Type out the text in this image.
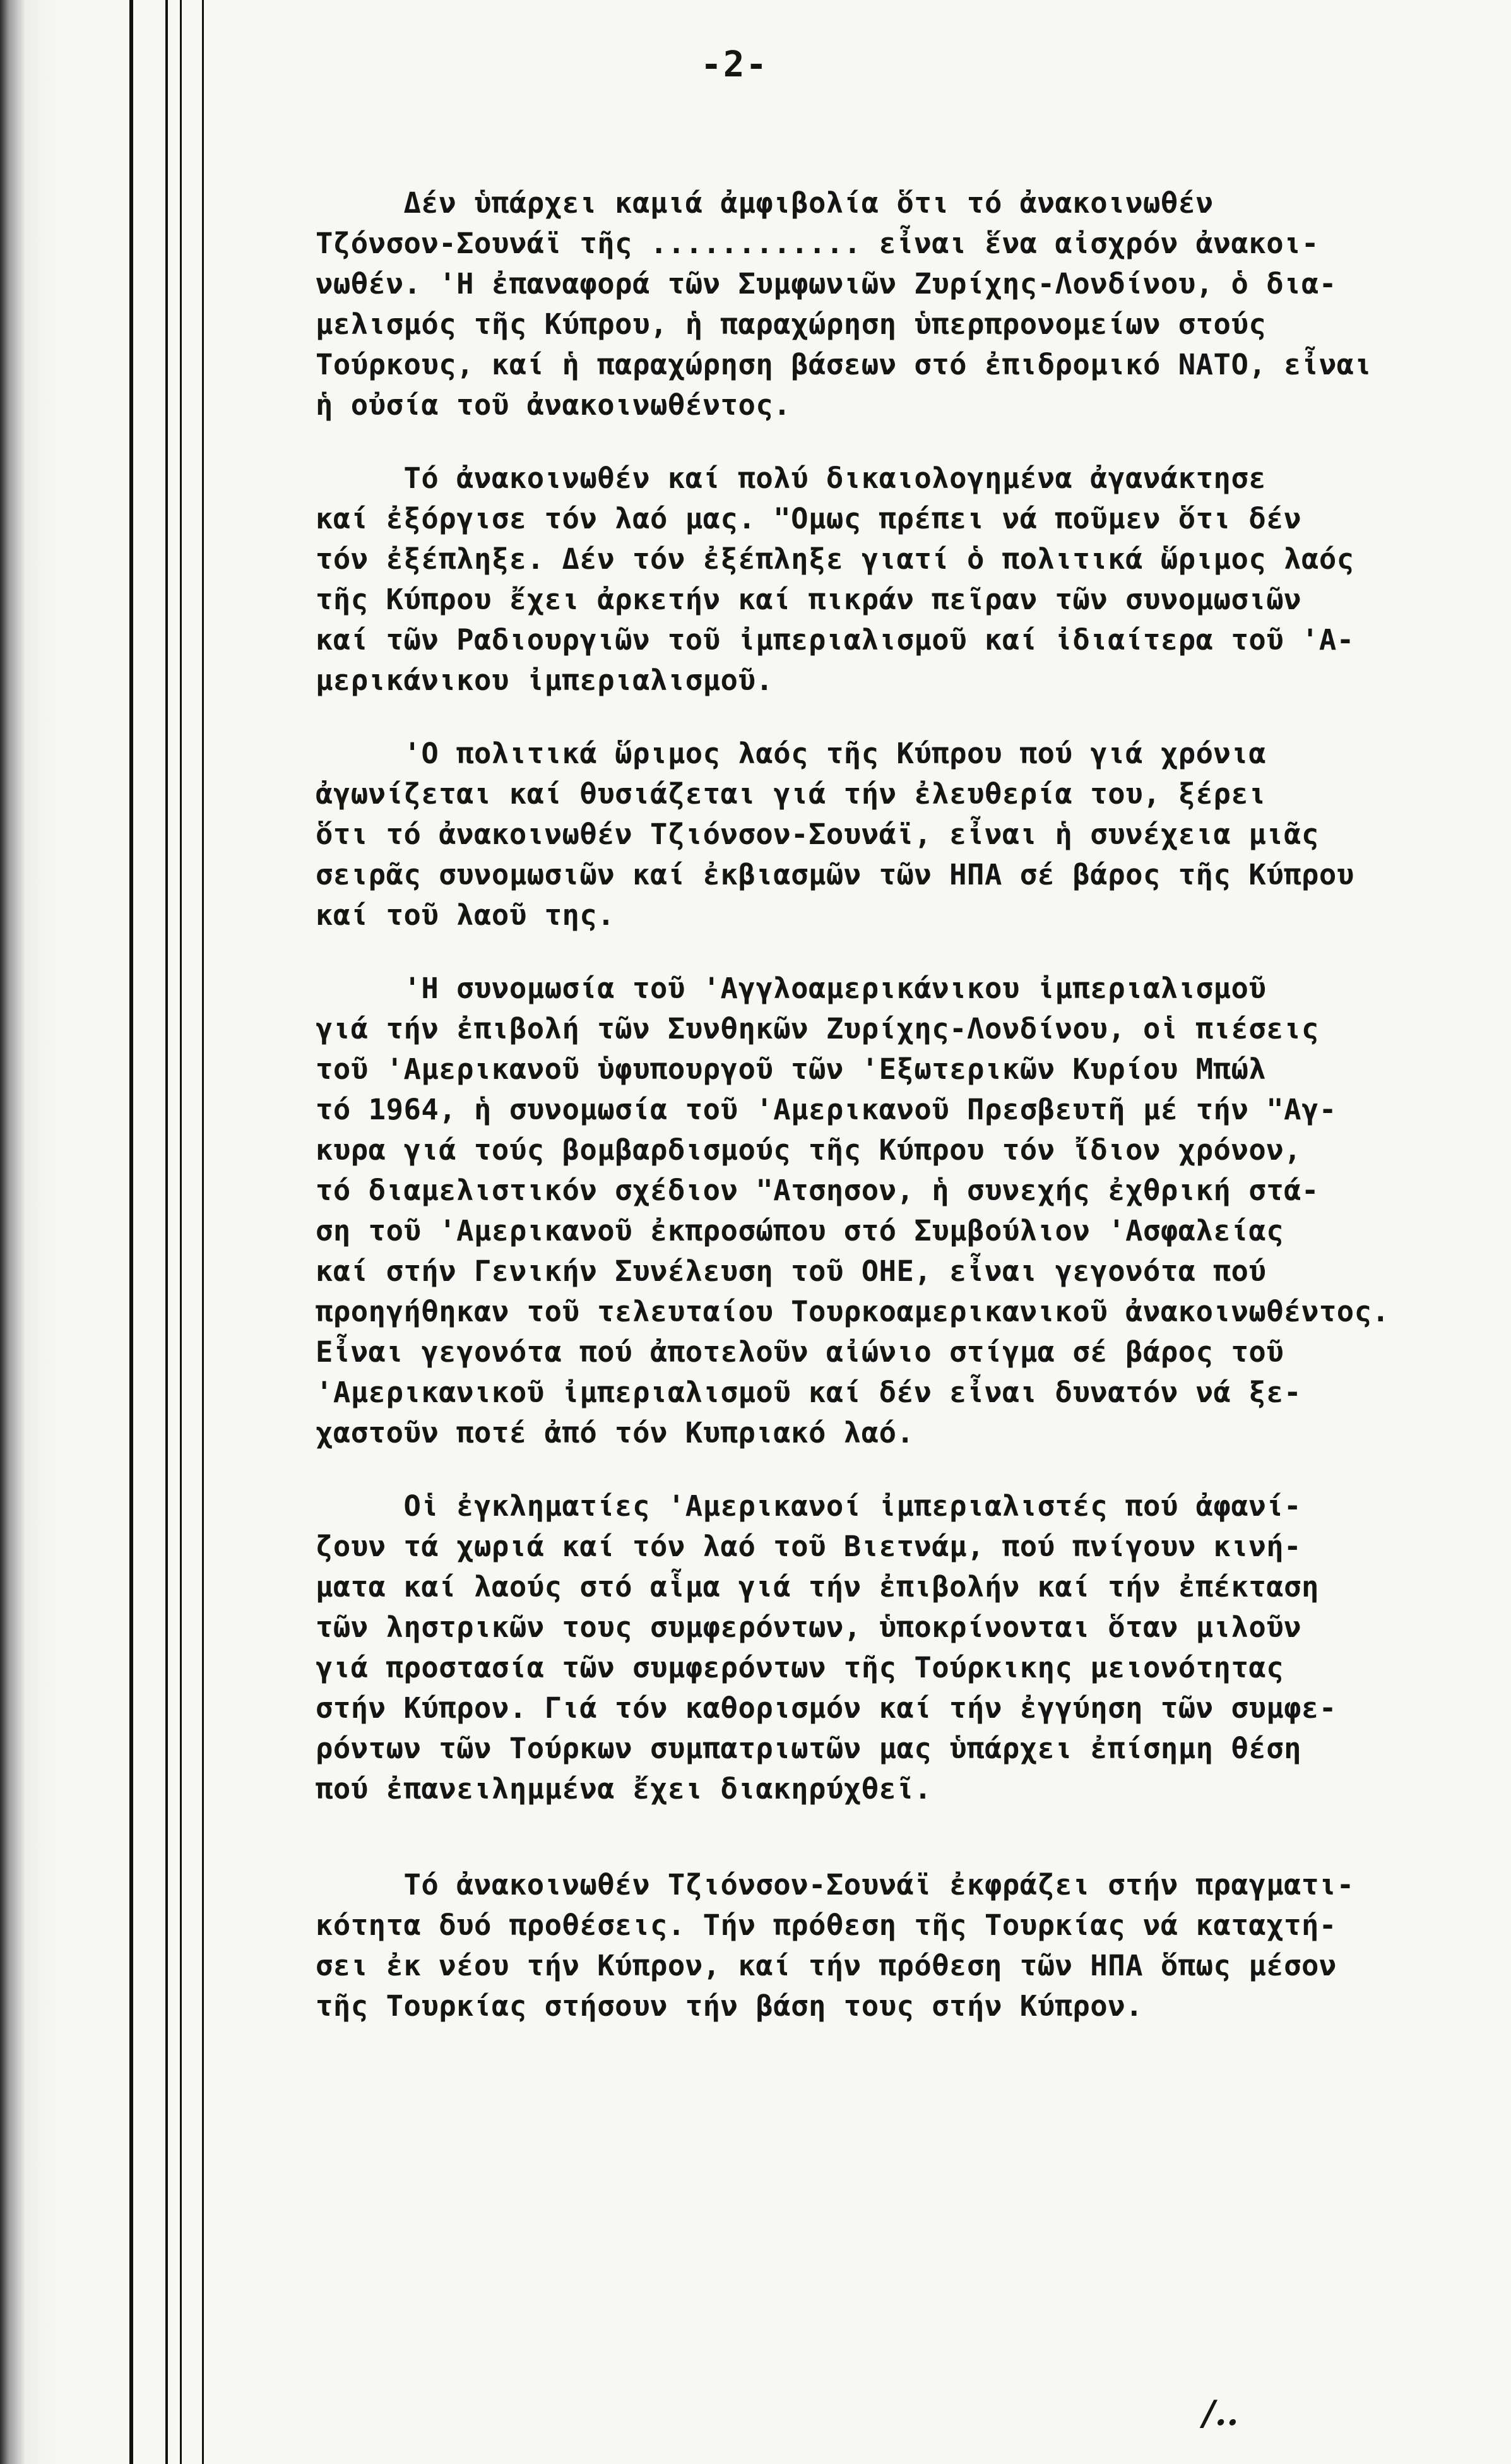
-2-
Δέν ὑπάρχει καμιά ἀμφιβολία ὅτι τό ἀνακοινωθέν
Τζόνσον-Σουνάϊ τῆς ............ εἶναι ἕνα αἰσχρόν ἀνακοι-
νωθέν. 'Η ἐπαναφορά τῶν Συμφωνιῶν Ζυρίχης-Λονδίνου, ὁ δια-
μελισμός τῆς Κύπρου, ἡ παραχώρηση ὑπερπρονομείων στούς
Τούρκους, καί ἡ παραχώρηση βάσεων στό ἐπιδρομικό ΝΑΤΟ, εἶναι
ἡ οὐσία τοῦ ἀνακοινωθέντος.
Τό ἀνακοινωθέν καί πολύ δικαιολογημένα ἀγανάκτησε
καί ἐξόργισε τόν λαό μας. "Ομως πρέπει νά ποῦμεν ὅτι δέν
τόν ἐξέπληξε. Δέν τόν ἐξέπληξε γιατί ὁ πολιτικά ὥριμος λαός
τῆς Κύπρου ἔχει ἀρκετήν καί πικράν πεῖραν τῶν συνομωσιῶν
καί τῶν Ραδιουργιῶν τοῦ ἰμπεριαλισμοῦ καί ἰδιαίτερα τοῦ 'Α-
μερικάνικου ἰμπεριαλισμοῦ.
'Ο πολιτικά ὥριμος λαός τῆς Κύπρου πού γιά χρόνια
ἀγωνίζεται καί θυσιάζεται γιά τήν ἐλευθερία του, ξέρει
ὅτι τό ἀνακοινωθέν Τζιόνσον-Σουνάϊ, εἶναι ἡ συνέχεια μιᾶς
σειρᾶς συνομωσιῶν καί ἐκβιασμῶν τῶν ΗΠΑ σέ βάρος τῆς Κύπρου
καί τοῦ λαοῦ της.
'Η συνομωσία τοῦ 'Αγγλοαμερικάνικου ἰμπεριαλισμοῦ
γιά τήν ἐπιβολή τῶν Συνθηκῶν Ζυρίχης-Λονδίνου, οἱ πιέσεις
τοῦ 'Αμερικανοῦ ὑφυπουργοῦ τῶν 'Εξωτερικῶν Κυρίου Μπώλ
τό 1964, ἡ συνομωσία τοῦ 'Αμερικανοῦ Πρεσβευτῆ μέ τήν "Αγ-
κυρα γιά τούς βομβαρδισμούς τῆς Κύπρου τόν ἴδιον χρόνον,
τό διαμελιστικόν σχέδιον "Ατσησον, ἡ συνεχής ἐχθρική στά-
ση τοῦ 'Αμερικανοῦ ἐκπροσώπου στό Συμβούλιον 'Ασφαλείας
καί στήν Γενικήν Συνέλευση τοῦ ΟΗΕ, εἶναι γεγονότα πού
προηγήθηκαν τοῦ τελευταίου Τουρκοαμερικανικοῦ ἀνακοινωθέντος.
Εἶναι γεγονότα πού ἀποτελοῦν αἰώνιο στίγμα σέ βάρος τοῦ
'Αμερικανικοῦ ἰμπεριαλισμοῦ καί δέν εἶναι δυνατόν νά ξε-
χαστοῦν ποτέ ἀπό τόν Κυπριακό λαό.
Οἱ ἐγκληματίες 'Αμερικανοί ἰμπεριαλιστές πού ἀφανί-
ζουν τά χωριά καί τόν λαό τοῦ Βιετνάμ, πού πνίγουν κινή-
ματα καί λαούς στό αἷμα γιά τήν ἐπιβολήν καί τήν ἐπέκταση
τῶν ληστρικῶν τους συμφερόντων, ὑποκρίνονται ὅταν μιλοῦν
γιά προστασία τῶν συμφερόντων τῆς Τούρκικης μειονότητας
στήν Κύπρον. Γιά τόν καθορισμόν καί τήν ἐγγύηση τῶν συμφε-
ρόντων τῶν Τούρκων συμπατριωτῶν μας ὑπάρχει ἐπίσημη θέση
πού ἐπανειλημμένα ἔχει διακηρύχθεῖ.
Τό ἀνακοινωθέν Τζιόνσον-Σουνάϊ ἐκφράζει στήν πραγματι-
κότητα δυό προθέσεις. Τήν πρόθεση τῆς Τουρκίας νά καταχτή-
σει ἐκ νέου τήν Κύπρον, καί τήν πρόθεση τῶν ΗΠΑ ὅπως μέσον
τῆς Τουρκίας στήσουν τήν βάση τους στήν Κύπρον.
/..
